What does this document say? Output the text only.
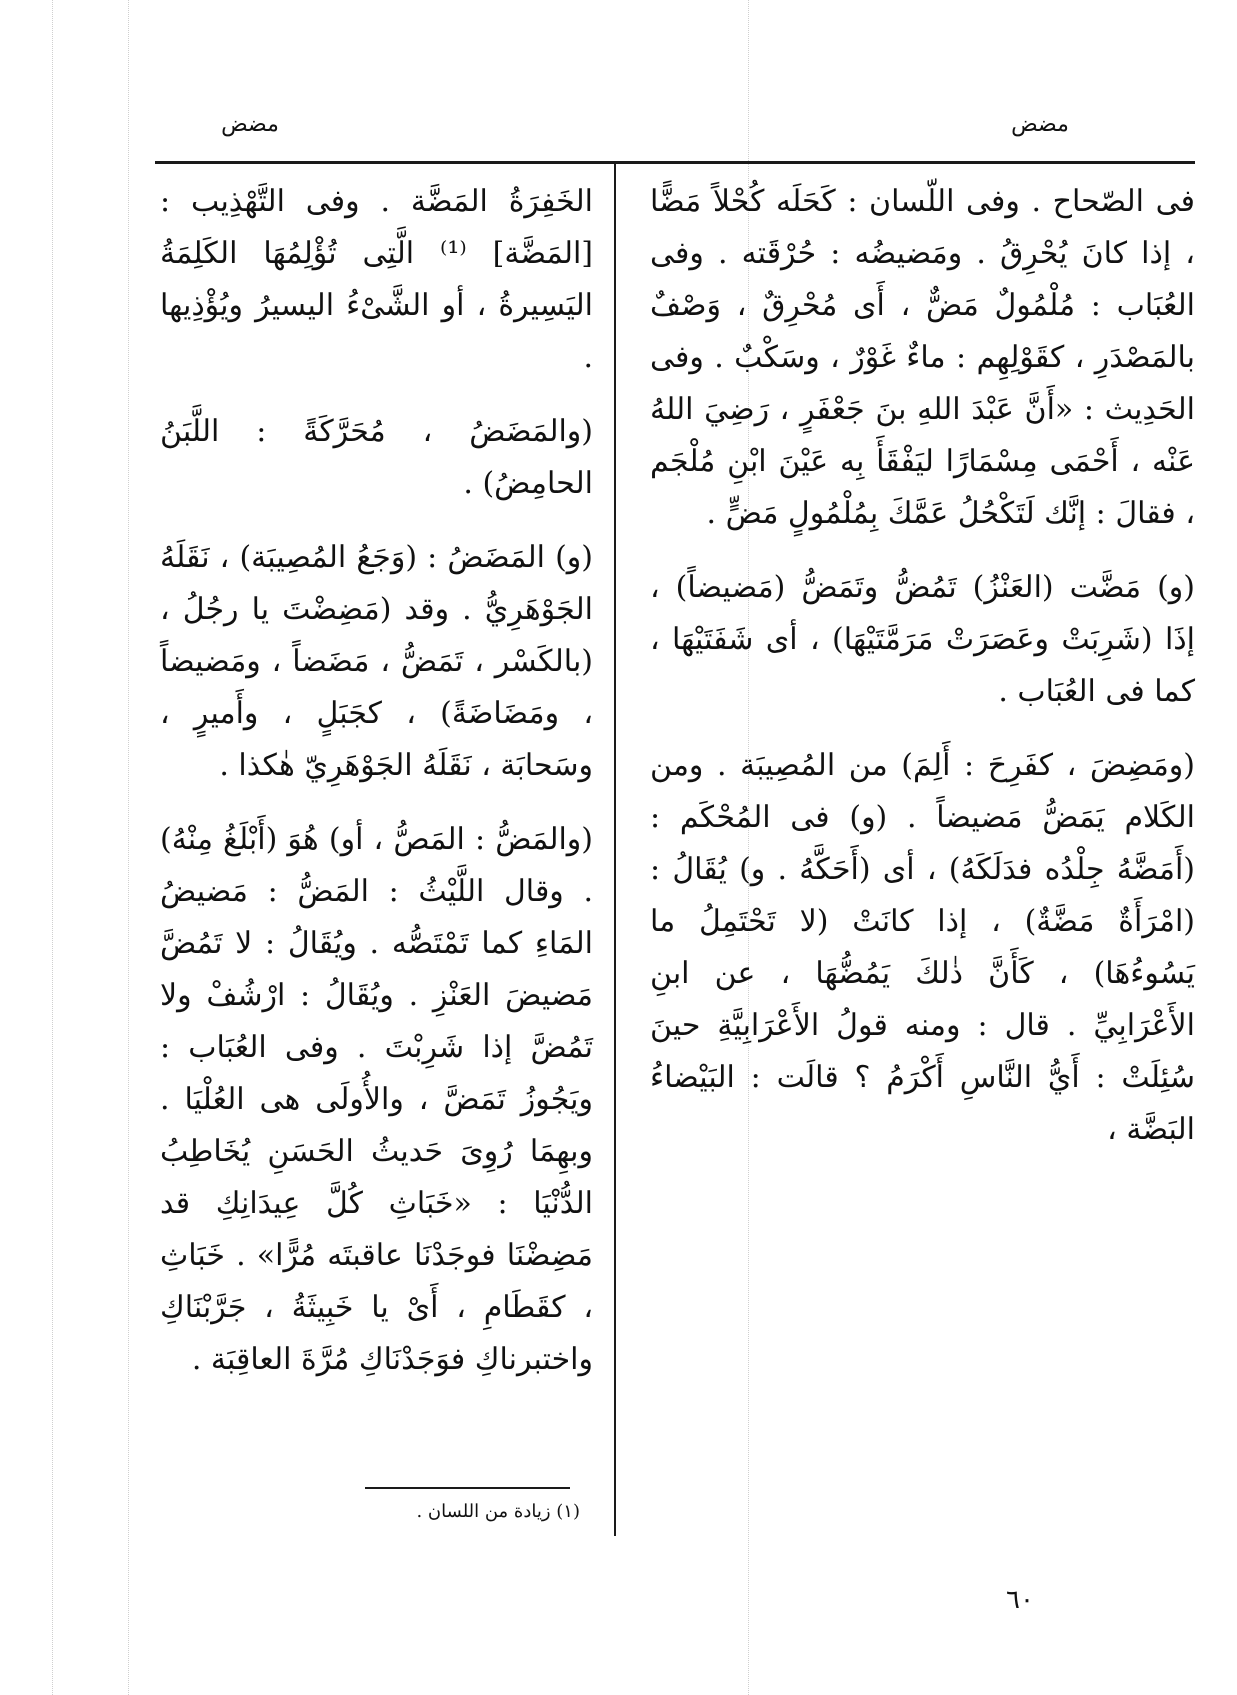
مضض
مضض

فى الصّحاح . وفى اللّسان : كَحَلَه كُحْلاً مَضًّا ، إذا كانَ يُحْرِقُ . ومَضيضُه : حُرْقَته . وفى العُبَاب : مُلْمُولٌ مَضٌّ ، أَى مُحْرِقٌ ، وَصْفٌ بالمَصْدَرِ ، كقَوْلِهِم : ماءٌ غَوْرٌ ، وسَكْبٌ . وفى الحَدِيث : «أَنَّ عَبْدَ اللهِ بنَ جَعْفَرٍ ، رَضِيَ اللهُ عَنْه ، أَحْمَى مِسْمَارًا ليَفْقَأَ بِه عَيْنَ ابْنِ مُلْجَم ، فقالَ : إنَّك لَتَكْحُلُ عَمَّكَ بِمُلْمُولٍ مَضٍّ .

(و) مَضَّت (العَنْزُ) تَمُضُّ وتَمَضُّ (مَضيضاً) ، إذَا (شَرِبَتْ وعَصَرَتْ مَرَمَّتَيْهَا) ، أى شَفَتَيْهَا ، كما فى العُبَاب .

(ومَضِضَ ، كفَرِحَ : أَلِمَ) من المُصِيبَة . ومن الكَلام يَمَضُّ مَضيضاً . (و) فى المُحْكَم : (أَمَضَّهُ جِلْدُه فدَلَكَهُ) ، أى (أَحَكَّهُ . و) يُقَالُ : (امْرَأَةٌ مَضَّةٌ) ، إذا كانَتْ (لا تَحْتَمِلُ ما يَسُوءُهَا) ، كَأَنَّ ذٰلكَ يَمُضُّهَا ، عن ابنِ الأَعْرَابِيِّ . قال : ومنه قولُ الأَعْرَابِيَّةِ حينَ سُئِلَتْ : أَيُّ النَّاسِ أَكْرَمُ ؟ قالَت : البَيْضاءُ البَضَّة ،

الخَفِرَةُ المَضَّة . وفى التَّهْذِيب : [المَضَّة] ⁽¹⁾ الَّتِى تُؤْلِمُهَا الكَلِمَةُ اليَسِيرةُ ، أو الشَّىْءُ اليسيرُ ويُؤْذِيها .

(والمَضَضُ ، مُحَرَّكَةً : اللَّبَنُ الحامِضُ) .

(و) المَضَضُ : (وَجَعُ المُصِيبَة) ، نَقَلَهُ الجَوْهَرِيُّ . وقد (مَضِضْتَ يا رجُلُ ، (بالكَسْر ، تَمَضُّ ، مَضَضاً ، ومَضيضاً ، ومَضَاضَةً) ، كجَبَلٍ ، وأَميرٍ ، وسَحابَة ، نَقَلَهُ الجَوْهَرِيّ هٰكذا .

(والمَضُّ : المَصُّ ، أو) هُوَ (أَبْلَغُ مِنْهُ) . وقال اللَّيْثُ : المَضُّ : مَضيضُ المَاءِ كما تَمْتَصُّه . ويُقَالُ : لا تَمُضَّ مَضيضَ العَنْزِ . ويُقَالُ : ارْشُفْ ولا تَمُضَّ إذا شَرِبْتَ . وفى العُبَاب : ويَجُوزُ تَمَضَّ ، والأُولَى هى العُلْيَا . وبهِمَا رُوِىَ حَديثُ الحَسَنِ يُخَاطِبُ الدُّنْيَا : «خَبَاثِ كُلَّ عِيدَانِكِ قد مَضِضْنَا فوجَدْنَا عاقبتَه مُرًّا» . خَبَاثِ ، كقَطَامِ ، أَىْ يا خَبِيثَةُ ، جَرَّبْنَاكِ واختبرناكِ فوَجَدْنَاكِ مُرَّةَ العاقِبَة .

(١) زيادة من اللسان .
٦٠
